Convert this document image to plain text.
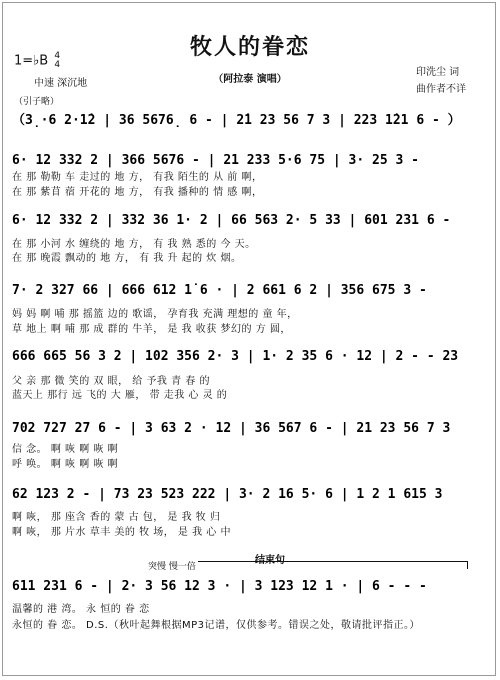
牧人的眷恋
（阿拉泰 演唱）
1=♭B 4
4
中速 深沉地
印洗尘 词
曲作者不详
（引子略）
（3̣·6 2·1̇2 | 36 5676̣ 6 - | 2̇1 23 56 7 3 | 223 1̇21 6 - ）
6· 12 332 2 | 366 5676 - | 21 233 5·6 75 | 3· 25 3 -
在 那 勒勒 车 走过的 地 方， 有我 陌生的 从 前 啊，
在 那 紫苜 蓿 开花的 地 方， 有我 播种的 情 感 啊，
6· 12 332 2 | 332 36 1· 2 | 66 563 2· 5 33 | 601 231 6 -
在 那 小河 水 缠绕的 地 方， 有 我 熟 悉的 今 天。
在 那 晚霞 飘动的 地 方， 有 我 升 起的 炊 烟。
7· 2 327 66 | 666 612 1̇ 6 · | 2 661 6 2 | 356 675 3 -
妈 妈 啊 哺 那 摇篮 边的 歌谣， 孕育我 充满 理想的 童 年，
草 地上 啊 哺 那 成 群的 牛羊， 是 我 收获 梦幻的 方 圆，
666 665 56 3 2 | 102 356 2· 3 | 1· 2 35 6 · 12 | 2 - - 23
父 亲 那 微 笑的 双 眼， 给 予我 青 春 的
蓝天上 那行 远 飞的 大 雁， 带 走我 心 灵 的
702 727 27 6 - | 3 63 2 · 12 | 36 567 6 - | 21 23 56 7 3
信 念。 啊 咴 啊 咴 啊
呼 唤。 啊 咴 啊 咴 啊
62 123 2 - | 73 23 523 222 | 3· 2 16 5· 6 | 1 2 1 615 3
啊 咴， 那 座含 香的 蒙 古 包， 是 我 牧 归
啊 咴， 那 片水 草丰 美的 牧 场， 是 我 心 中
结束句
突慢 慢一倍
611 231 6 - | 2· 3 56 12 3 · | 3 123 12 1 · | 6 - - -
温馨的 港 湾。 永 恒的 眷 恋
永恒的 眷 恋。 D.S.（秋叶起舞根据MP3记谱，仅供参考。错误之处，敬请批评指正。）
